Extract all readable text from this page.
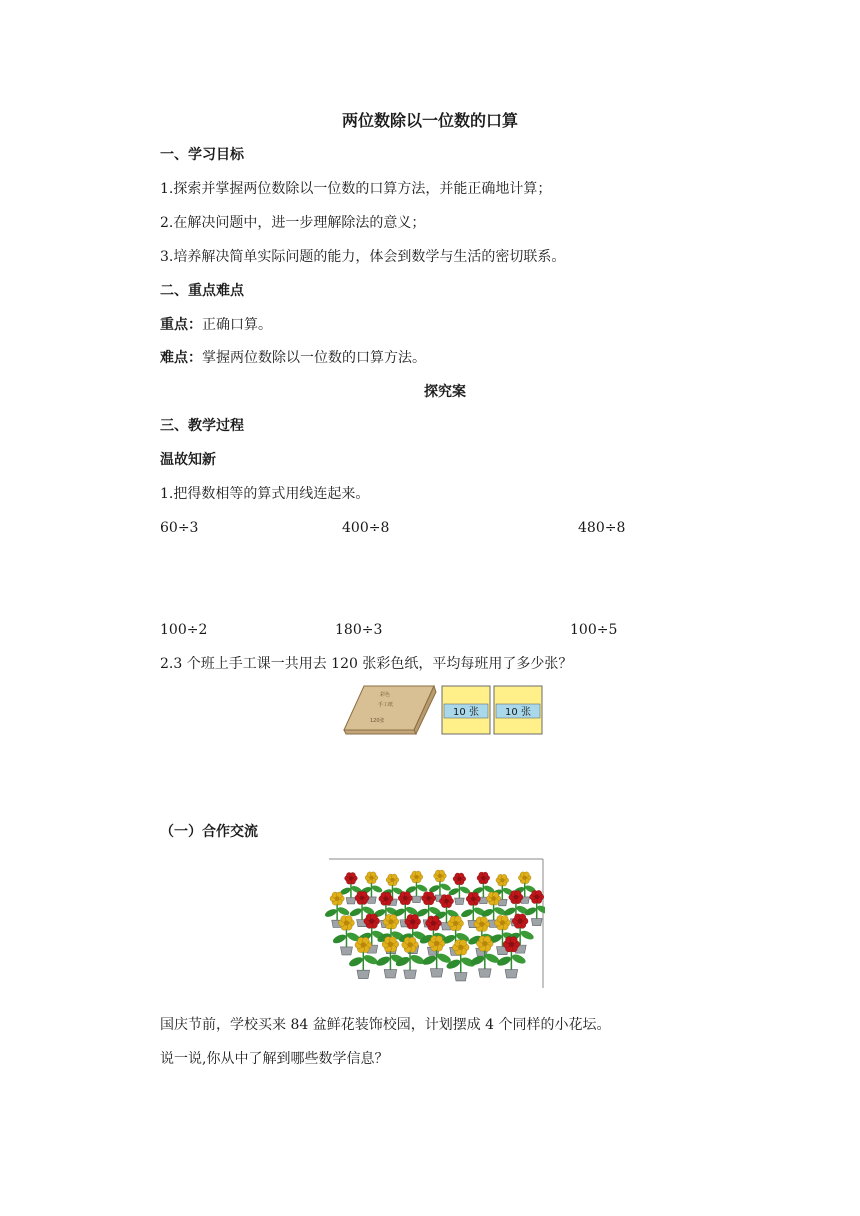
两位数除以一位数的口算
一、学习目标
1.探索并掌握两位数除以一位数的口算方法，并能正确地计算；
2.在解决问题中，进一步理解除法的意义；
3.培养解决简单实际问题的能力，体会到数学与生活的密切联系。
二、重点难点
重点：正确口算。
难点：掌握两位数除以一位数的口算方法。
探究案
三、教学过程
温故知新
1.把得数相等的算式用线连起来。
60÷3	400÷8	480÷8
100÷2	180÷3	100÷5
2.3 个班上手工课一共用去 120 张彩色纸，平均每班用了多少张？
彩色
手工纸
120张
10 张	10 张
（一）合作交流
国庆节前，学校买来 84 盆鲜花装饰校园，计划摆成 4 个同样的小花坛。
说一说,你从中了解到哪些数学信息？
